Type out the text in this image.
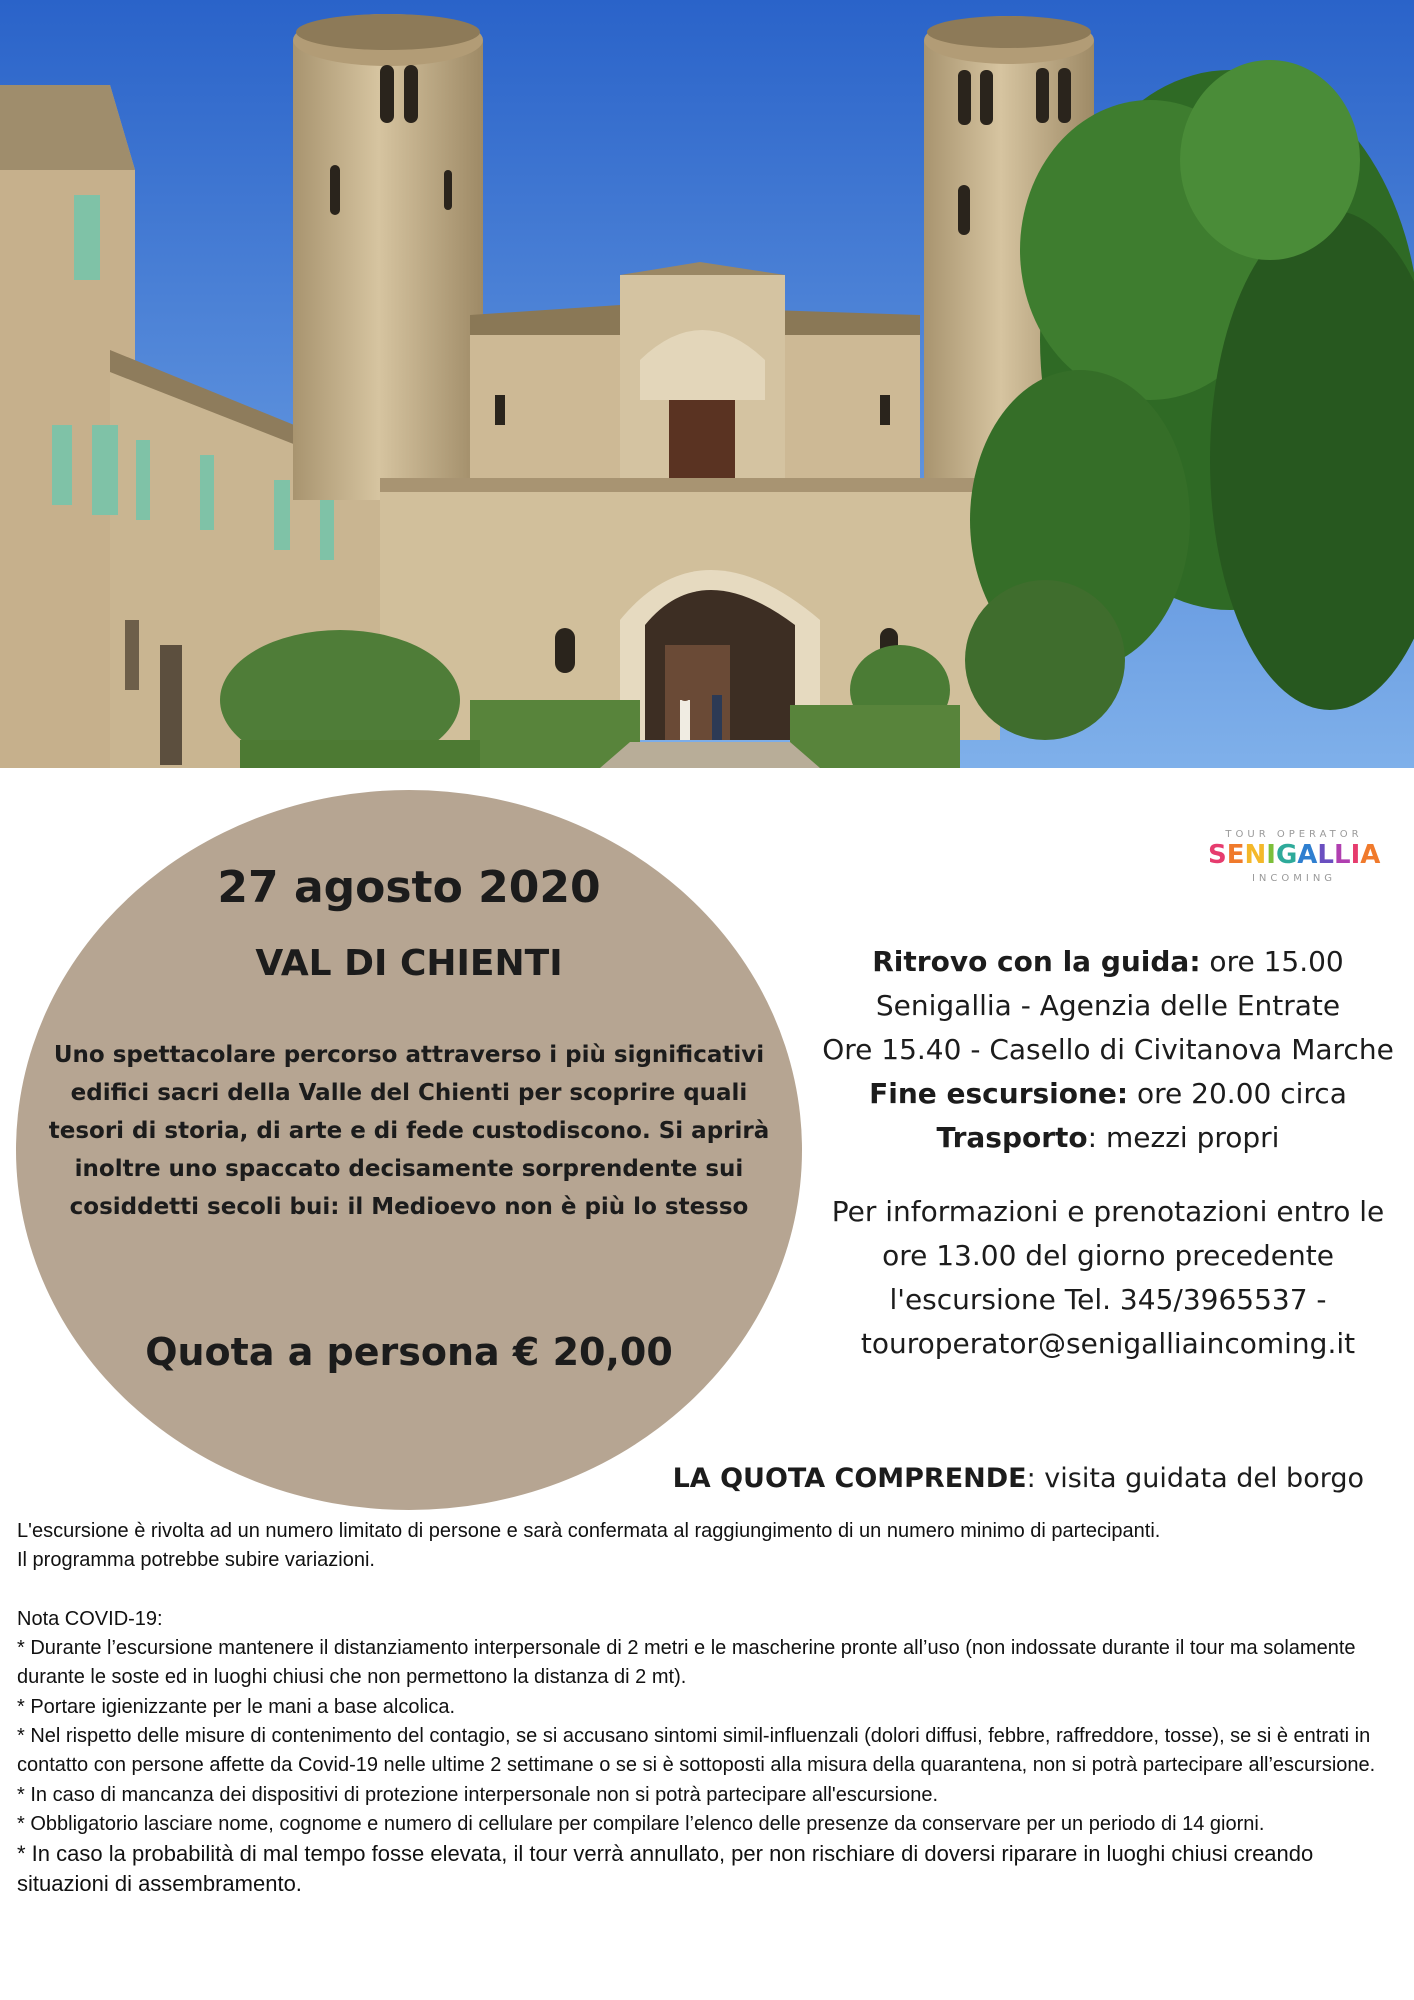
27 agosto 2020
VAL DI CHIENTI
Uno spettacolare percorso attraverso i più significativi edifici sacri della Valle del Chienti per scoprire quali tesori di storia, di arte e di fede custodiscono. Si aprirà inoltre uno spaccato decisamente sorprendente sui cosiddetti secoli bui: il Medioevo non è più lo stesso
Quota a persona € 20,00
TOUR OPERATOR
SENIGALLIA
INCOMING
Ritrovo con la guida: ore 15.00
Senigallia - Agenzia delle Entrate
Ore 15.40 - Casello di Civitanova Marche
Fine escursione: ore 20.00 circa
Trasporto: mezzi propri
Per informazioni e prenotazioni entro le ore 13.00 del giorno precedente l'escursione Tel. 345/3965537 - touroperator@senigalliaincoming.it
LA QUOTA COMPRENDE: visita guidata del borgo

L'escursione è rivolta ad un numero limitato di persone e sarà confermata al raggiungimento di un numero minimo di partecipanti.

Il programma potrebbe subire variazioni.

Nota COVID-19:

* Durante l’escursione mantenere il distanziamento interpersonale di 2 metri e le mascherine pronte all’uso (non indossate durante il tour ma solamente durante le soste ed in luoghi chiusi che non permettono la distanza di 2 mt).

* Portare igienizzante per le mani a base alcolica.

* Nel rispetto delle misure di contenimento del contagio, se si accusano sintomi simil-influenzali (dolori diffusi, febbre, raffreddore, tosse), se si è entrati in contatto con persone affette da Covid-19 nelle ultime 2 settimane o se si è sottoposti alla misura della quarantena, non si potrà partecipare all’escursione.

* In caso di mancanza dei dispositivi di protezione interpersonale non si potrà partecipare all'escursione.

* Obbligatorio lasciare nome, cognome e numero di cellulare per compilare l’elenco delle presenze da conservare per un periodo di 14 giorni.

* In caso la probabilità di mal tempo fosse elevata, il tour verrà annullato, per non rischiare di doversi riparare in luoghi chiusi creando situazioni di assembramento.
